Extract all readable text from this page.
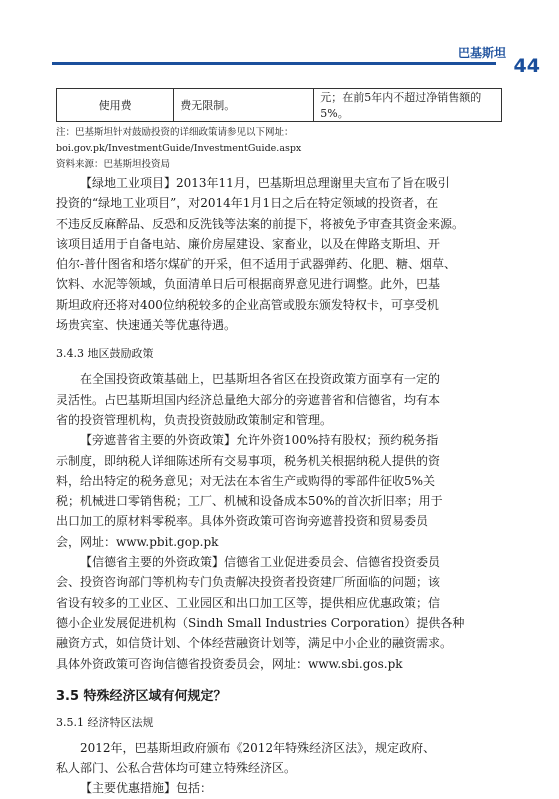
巴基斯坦
44
使用费	费无限制。	元；在前5年内不超过净销售额的5%。

注：巴基斯坦针对鼓励投资的详细政策请参见以下网址：

boi.gov.pk/InvestmentGuide/InvestmentGuide.aspx

资料来源：巴基斯坦投资局

【绿地工业项目】2013年11月，巴基斯坦总理谢里夫宣布了旨在吸引

投资的“绿地工业项目”，对2014年1月1日之后在特定领域的投资者，在

不违反反麻醉品、反恐和反洗钱等法案的前提下，将被免予审查其资金来源。

该项目适用于自备电站、廉价房屋建设、家畜业，以及在俾路支斯坦、开

伯尔-普什图省和塔尔煤矿的开采，但不适用于武器弹药、化肥、糖、烟草、

饮料、水泥等领域，负面清单日后可根据商界意见进行调整。此外，巴基

斯坦政府还将对400位纳税较多的企业高管或股东颁发特权卡，可享受机

场贵宾室、快速通关等优惠待遇。

3.4.3 地区鼓励政策

在全国投资政策基础上，巴基斯坦各省区在投资政策方面享有一定的

灵活性。占巴基斯坦国内经济总量绝大部分的旁遮普省和信德省，均有本

省的投资管理机构，负责投资鼓励政策制定和管理。

【旁遮普省主要的外资政策】允许外资100%持有股权；预约税务指

示制度，即纳税人详细陈述所有交易事项，税务机关根据纳税人提供的资

料，给出特定的税务意见；对无法在本省生产或购得的零部件征收5%关

税；机械进口零销售税；工厂、机械和设备成本50%的首次折旧率；用于

出口加工的原材料零税率。具体外资政策可咨询旁遮普投资和贸易委员

会，网址：www.pbit.gop.pk

【信德省主要的外资政策】信德省工业促进委员会、信德省投资委员

会、投资咨询部门等机构专门负责解决投资者投资建厂所面临的问题；该

省设有较多的工业区、工业园区和出口加工区等，提供相应优惠政策；信

德小企业发展促进机构（Sindh Small Industries Corporation）提供各种

融资方式，如信贷计划、个体经营融资计划等，满足中小企业的融资需求。

具体外资政策可咨询信德省投资委员会，网址：www.sbi.gos.pk

3.5 特殊经济区域有何规定？

3.5.1 经济特区法规

2012年，巴基斯坦政府颁布《2012年特殊经济区法》，规定政府、

私人部门、公私合营体均可建立特殊经济区。

【主要优惠措施】包括：
